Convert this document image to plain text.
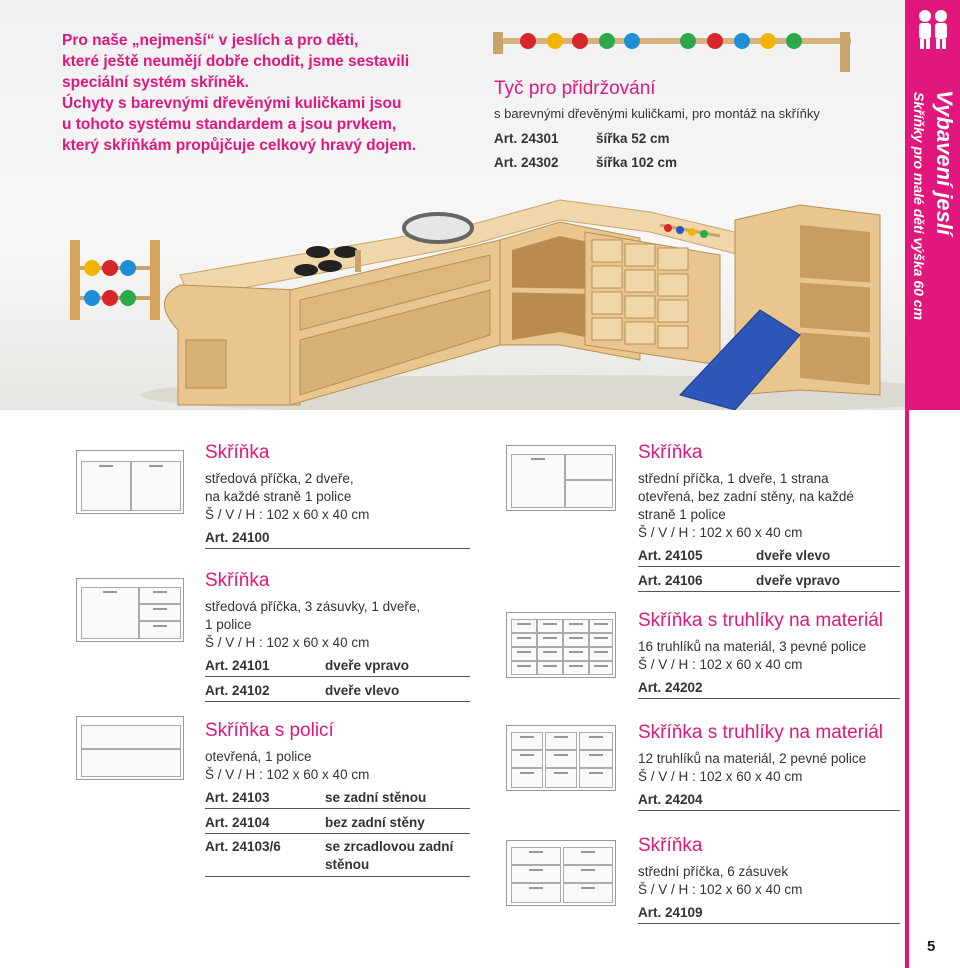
Pro naše „nejmenší“ v jeslích a pro děti,
které ještě neumějí dobře chodit, jsme sestavili
speciální systém skříněk.
Úchyty s barevnými dřevěnými kuličkami jsou
u tohoto systému standardem a jsou prvkem,
který skříňkám propůjčuje celkový hravý dojem.
Tyč pro přidržování
s barevnými dřevěnými kuličkami, pro montáž na skříňky
Art. 24301	šířka 52 cm
Art. 24302	šířka 102 cm	Vybavení jeslí
Skříňky pro malé děti výška 60 cm
5
Skříňka
středová příčka, 2 dveře,
na každé straně 1 police
Š / V / H : 102 x 60 x 40 cm
Art. 24100
Skříňka
středová příčka, 3 zásuvky, 1 dveře,
1 police
Š / V / H : 102 x 60 x 40 cm
Art. 24101	dveře vpravo
Art. 24102	dveře vlevo
Skříňka s policí
otevřená, 1 police
Š / V / H : 102 x 60 x 40 cm
Art. 24103	se zadní stěnou
Art. 24104	bez zadní stěny
Art. 24103/6	se zrcadlovou zadní stěnou
Skříňka
střední příčka, 1 dveře, 1 strana
otevřená, bez zadní stěny, na každé
straně 1 police
Š / V / H : 102 x 60 x 40 cm
Art. 24105	dveře vlevo
Art. 24106	dveře vpravo
Skříňka s truhlíky na materiál
16 truhlíků na materiál, 3 pevné police
Š / V / H : 102 x 60 x 40 cm
Art. 24202
Skříňka s truhlíky na materiál
12 truhlíků na materiál, 2 pevné police
Š / V / H : 102 x 60 x 40 cm
Art. 24204
Skříňka
střední příčka, 6 zásuvek
Š / V / H : 102 x 60 x 40 cm
Art. 24109
